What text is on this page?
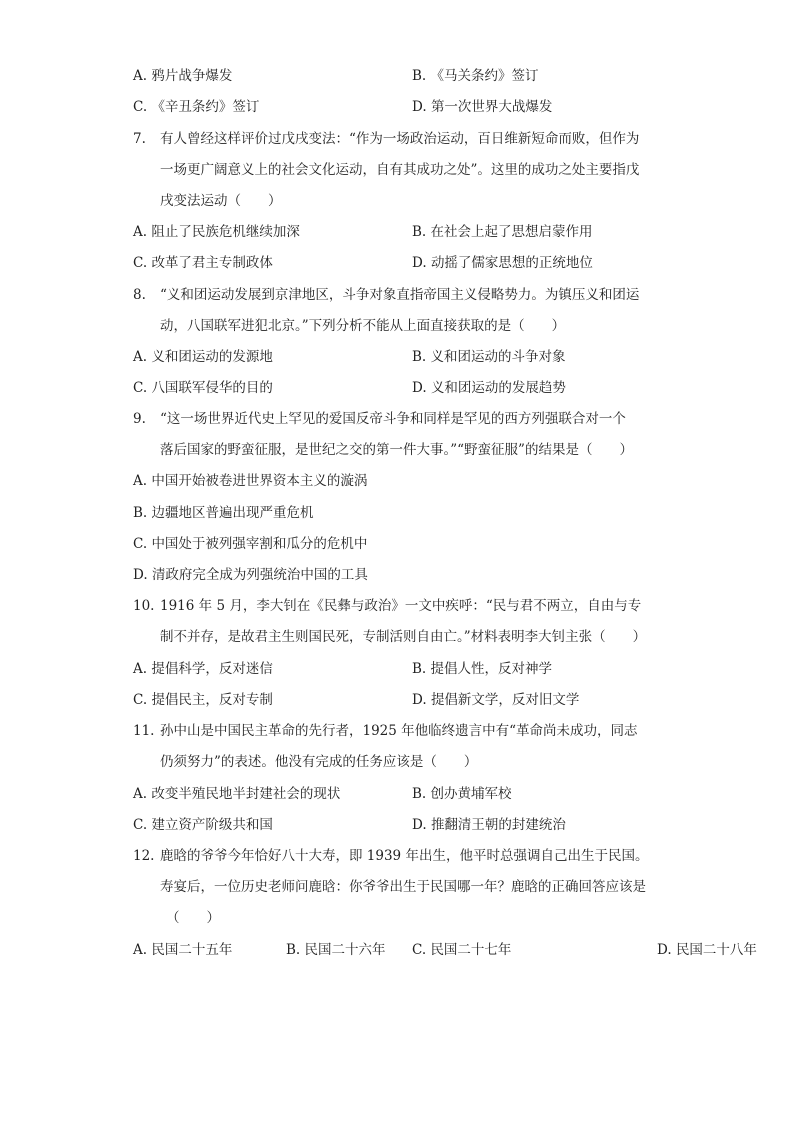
A. 鸦片战争爆发	B. 《马关条约》签订
C. 《辛丑条约》签订	D. 第一次世界大战爆发
7. 有人曾经这样评价过戊戌变法：“作为一场政治运动，百日维新短命而败，但作为
一场更广阔意义上的社会文化运动，自有其成功之处”。这里的成功之处主要指戊
戌变法运动（　　）
A. 阻止了民族危机继续加深	B. 在社会上起了思想启蒙作用
C. 改革了君主专制政体	D. 动摇了儒家思想的正统地位
8. “义和团运动发展到京津地区，斗争对象直指帝国主义侵略势力。为镇压义和团运
动，八国联军进犯北京。”下列分析不能从上面直接获取的是（　　）
A. 义和团运动的发源地	B. 义和团运动的斗争对象
C. 八国联军侵华的目的	D. 义和团运动的发展趋势
9. “这一场世界近代史上罕见的爱国反帝斗争和同样是罕见的西方列强联合对一个
落后国家的野蛮征服，是世纪之交的第一件大事。”“野蛮征服”的结果是（　　）
A. 中国开始被卷进世界资本主义的漩涡
B. 边疆地区普遍出现严重危机
C. 中国处于被列强宰割和瓜分的危机中
D. 清政府完全成为列强统治中国的工具
10. 1916 年 5 月，李大钊在《民彝与政治》一文中疾呼：“民与君不两立，自由与专
制不并存，是故君主生则国民死，专制活则自由亡。”材料表明李大钊主张（　　）
A. 提倡科学，反对迷信	B. 提倡人性，反对神学
C. 提倡民主，反对专制	D. 提倡新文学，反对旧文学
11. 孙中山是中国民主革命的先行者，1925 年他临终遗言中有“革命尚未成功，同志
仍须努力”的表述。他没有完成的任务应该是（　　）
A. 改变半殖民地半封建社会的现状	B. 创办黄埔军校
C. 建立资产阶级共和国	D. 推翻清王朝的封建统治
12. 鹿晗的爷爷今年恰好八十大寿，即 1939 年出生，他平时总强调自己出生于民国。
寿宴后，一位历史老师问鹿晗：你爷爷出生于民国哪一年？鹿晗的正确回答应该是
（　　）
A. 民国二十五年	B. 民国二十六年 C. 民国二十七年	D. 民国二十八年
